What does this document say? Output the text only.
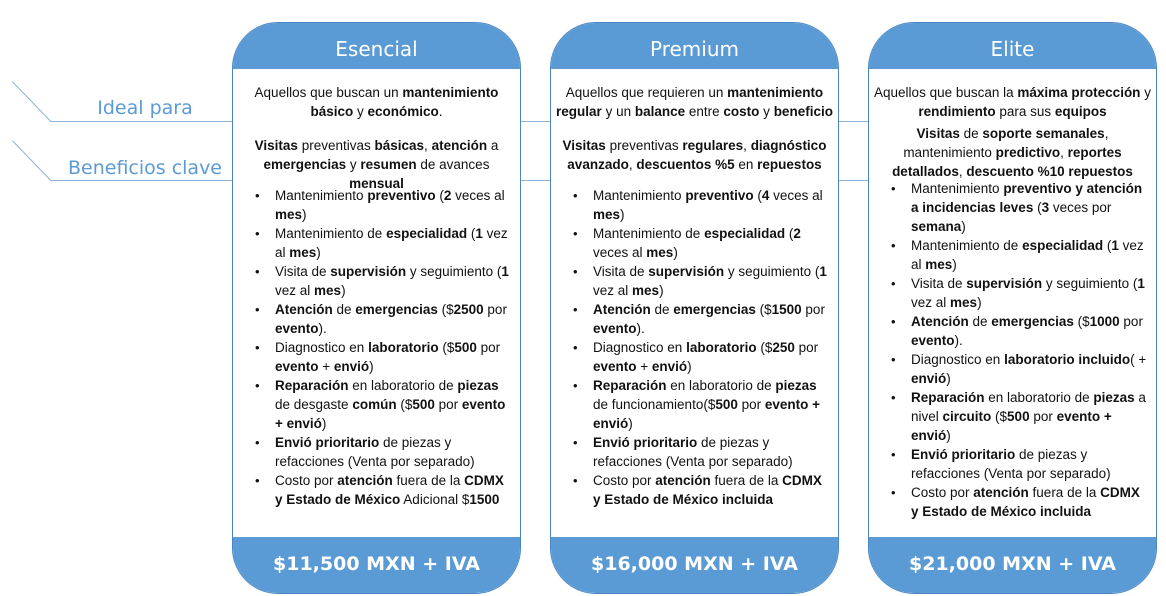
Ideal para
Beneficios clave
Esencial
Aquellos que buscan un mantenimiento básico y económico.
Visitas preventivas básicas, atención a emergencias y resumen de avances mensual
• Mantenimiento preventivo (2 veces al mes)
• Mantenimiento de especialidad (1 vez al mes)
• Visita de supervisión y seguimiento (1 vez al mes)
• Atención de emergencias ($2500 por evento).
• Diagnostico en laboratorio ($500 por evento + envió)
• Reparación en laboratorio de piezas de desgaste común ($500 por evento + envió)
• Envió prioritario de piezas y refacciones (Venta por separado)
• Costo por atención fuera de la CDMX y Estado de México Adicional $1500
$11,500 MXN + IVA
Premium
Aquellos que requieren un mantenimiento regular y un balance entre costo y beneficio
Visitas preventivas regulares, diagnóstico avanzado, descuentos %5 en repuestos
• Mantenimiento preventivo (4 veces al mes)
• Mantenimiento de especialidad (2 veces al mes)
• Visita de supervisión y seguimiento (1 vez al mes)
• Atención de emergencias ($1500 por evento).
• Diagnostico en laboratorio ($250 por evento + envió)
• Reparación en laboratorio de piezas de funcionamiento($500 por evento + envió)
• Envió prioritario de piezas y refacciones (Venta por separado)
• Costo por atención fuera de la CDMX y Estado de México incluida
$16,000 MXN + IVA
Elite
Aquellos que buscan la máxima protección y rendimiento para sus equipos
Visitas de soporte semanales, mantenimiento predictivo, reportes detallados, descuento %10 repuestos
• Mantenimiento preventivo y atención a incidencias leves (3 veces por semana)
• Mantenimiento de especialidad (1 vez al mes)
• Visita de supervisión y seguimiento (1 vez al mes)
• Atención de emergencias ($1000 por evento).
• Diagnostico en laboratorio incluido( + envió)
• Reparación en laboratorio de piezas a nivel circuito ($500 por evento + envió)
• Envió prioritario de piezas y refacciones (Venta por separado)
• Costo por atención fuera de la CDMX y Estado de México incluida
$21,000 MXN + IVA
